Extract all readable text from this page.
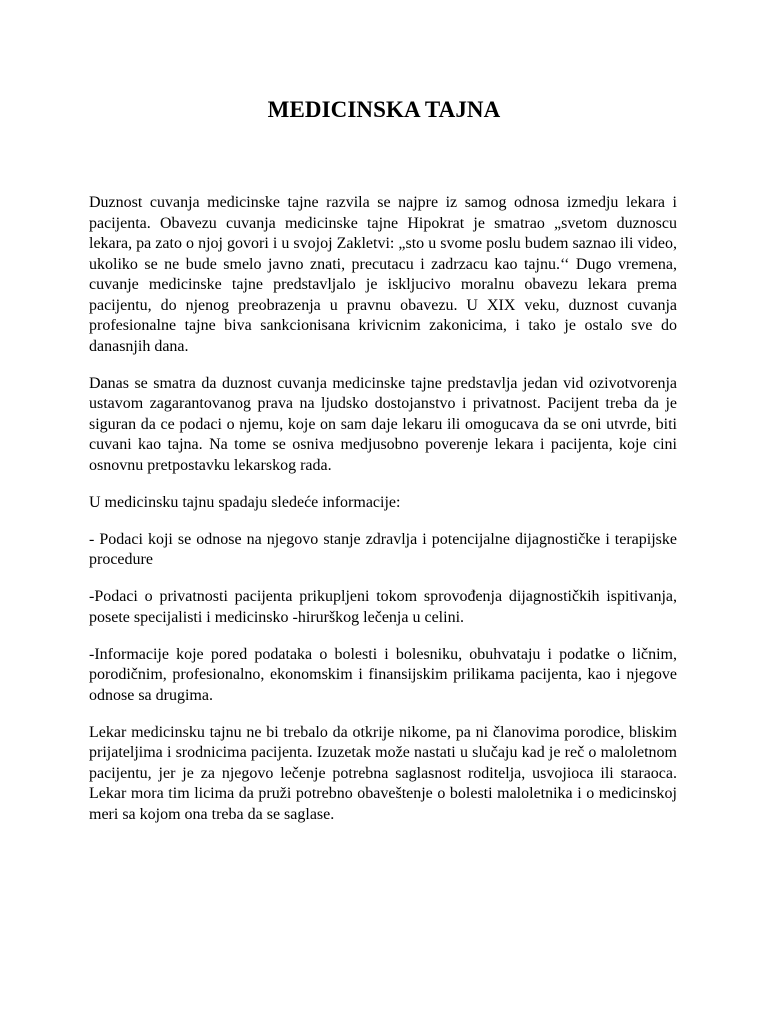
MEDICINSKA TAJNA

Duznost cuvanja medicinske tajne razvila se najpre iz samog odnosa izmedju lekara i pacijenta. Obavezu cuvanja medicinske tajne Hipokrat je smatrao „svetom duznoscu lekara, pa zato o njoj govori i u svojoj Zakletvi: „sto u svome poslu budem saznao ili video, ukoliko se ne bude smelo javno znati, precutacu i zadrzacu kao tajnu.‘‘ Dugo vremena, cuvanje medicinske tajne predstavljalo je iskljucivo moralnu obavezu lekara prema pacijentu, do njenog preobrazenja u pravnu obavezu. U XIX veku, duznost cuvanja profesionalne tajne biva sankcionisana krivicnim zakonicima, i tako je ostalo sve do danasnjih dana.

Danas se smatra da duznost cuvanja medicinske tajne predstavlja jedan vid ozivotvorenja ustavom zagarantovanog prava na ljudsko dostojanstvo i privatnost. Pacijent treba da je siguran da ce podaci o njemu, koje on sam daje lekaru ili omogucava da se oni utvrde, biti cuvani kao tajna. Na tome se osniva medjusobno poverenje lekara i pacijenta, koje cini osnovnu pretpostavku lekarskog rada.

U medicinsku tajnu spadaju sledeće informacije:

- Podaci koji se odnose na njegovo stanje zdravlja i potencijalne dijagnostičke i terapijske procedure

-Podaci o privatnosti pacijenta prikupljeni tokom sprovođenja dijagnostičkih ispitivanja, posete specijalisti i medicinsko -hirurškog lečenja u celini.

-Informacije koje pored podataka o bolesti i bolesniku, obuhvataju i podatke o ličnim, porodičnim, profesionalno, ekonomskim i finansijskim prilikama pacijenta, kao i njegove odnose sa drugima.

Lekar medicinsku tajnu ne bi trebalo da otkrije nikome, pa ni članovima porodice, bliskim prijateljima i srodnicima pacijenta. Izuzetak može nastati u slučaju kad je reč o maloletnom pacijentu, jer je za njegovo lečenje potrebna saglasnost roditelja, usvojioca ili staraoca. Lekar mora tim licima da pruži potrebno obaveštenje o bolesti maloletnika i o medicinskoj meri sa kojom ona treba da se saglase.
